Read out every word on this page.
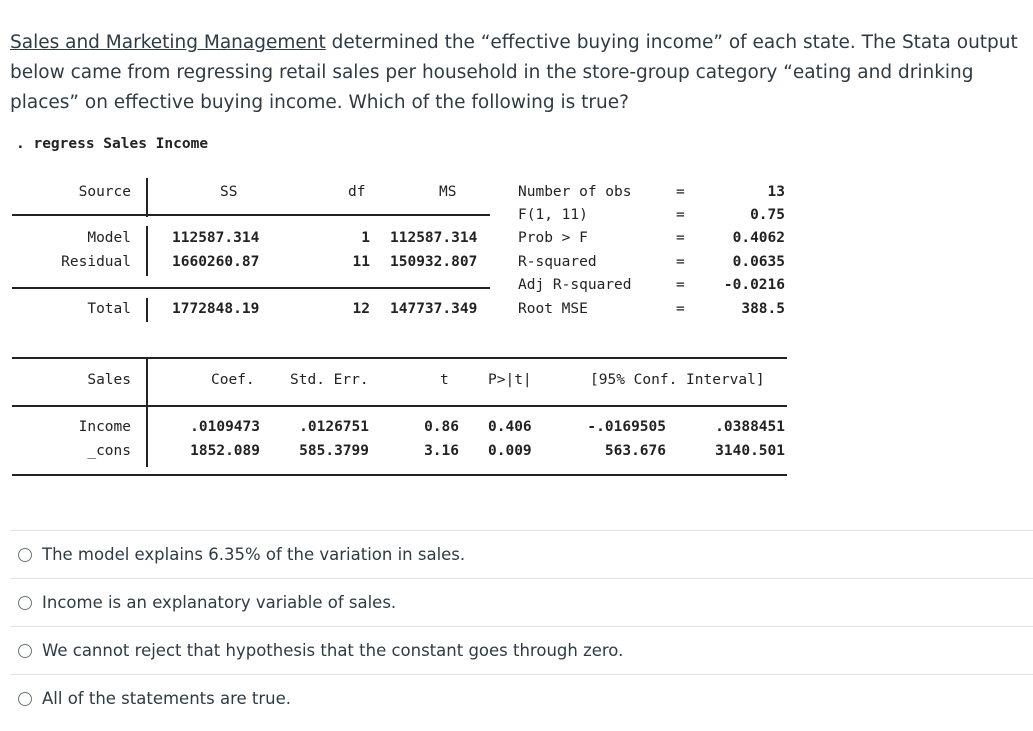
Sales and Marketing Management determined the “effective buying income” of each state. The Stata output below came from regressing retail sales per household in the store-group category “eating and drinking places” on effective buying income. Which of the following is true?
. regress Sales Income
Source	SS	df	MS
Model	112587.314	1 112587.314
Residual	1660260.87	11 150932.807
Total	1772848.19	12 147737.349
Number of obs	=	13
F(1, 11)	=	0.75
Prob > F	=	0.4062
R-squared	=	0.0635
Adj R-squared	=	-0.0216
Root MSE	=	388.5
Sales	Coef. Std. Err.	t	P>|t|	[95% Conf. Interval]
Income	.0109473	.0126751	0.86 0.406	-.0169505	.0388451
_cons	1852.089	585.3799	3.16 0.009	563.676	3140.501
The model explains 6.35% of the variation in sales.
Income is an explanatory variable of sales.
We cannot reject that hypothesis that the constant goes through zero.
All of the statements are true.
